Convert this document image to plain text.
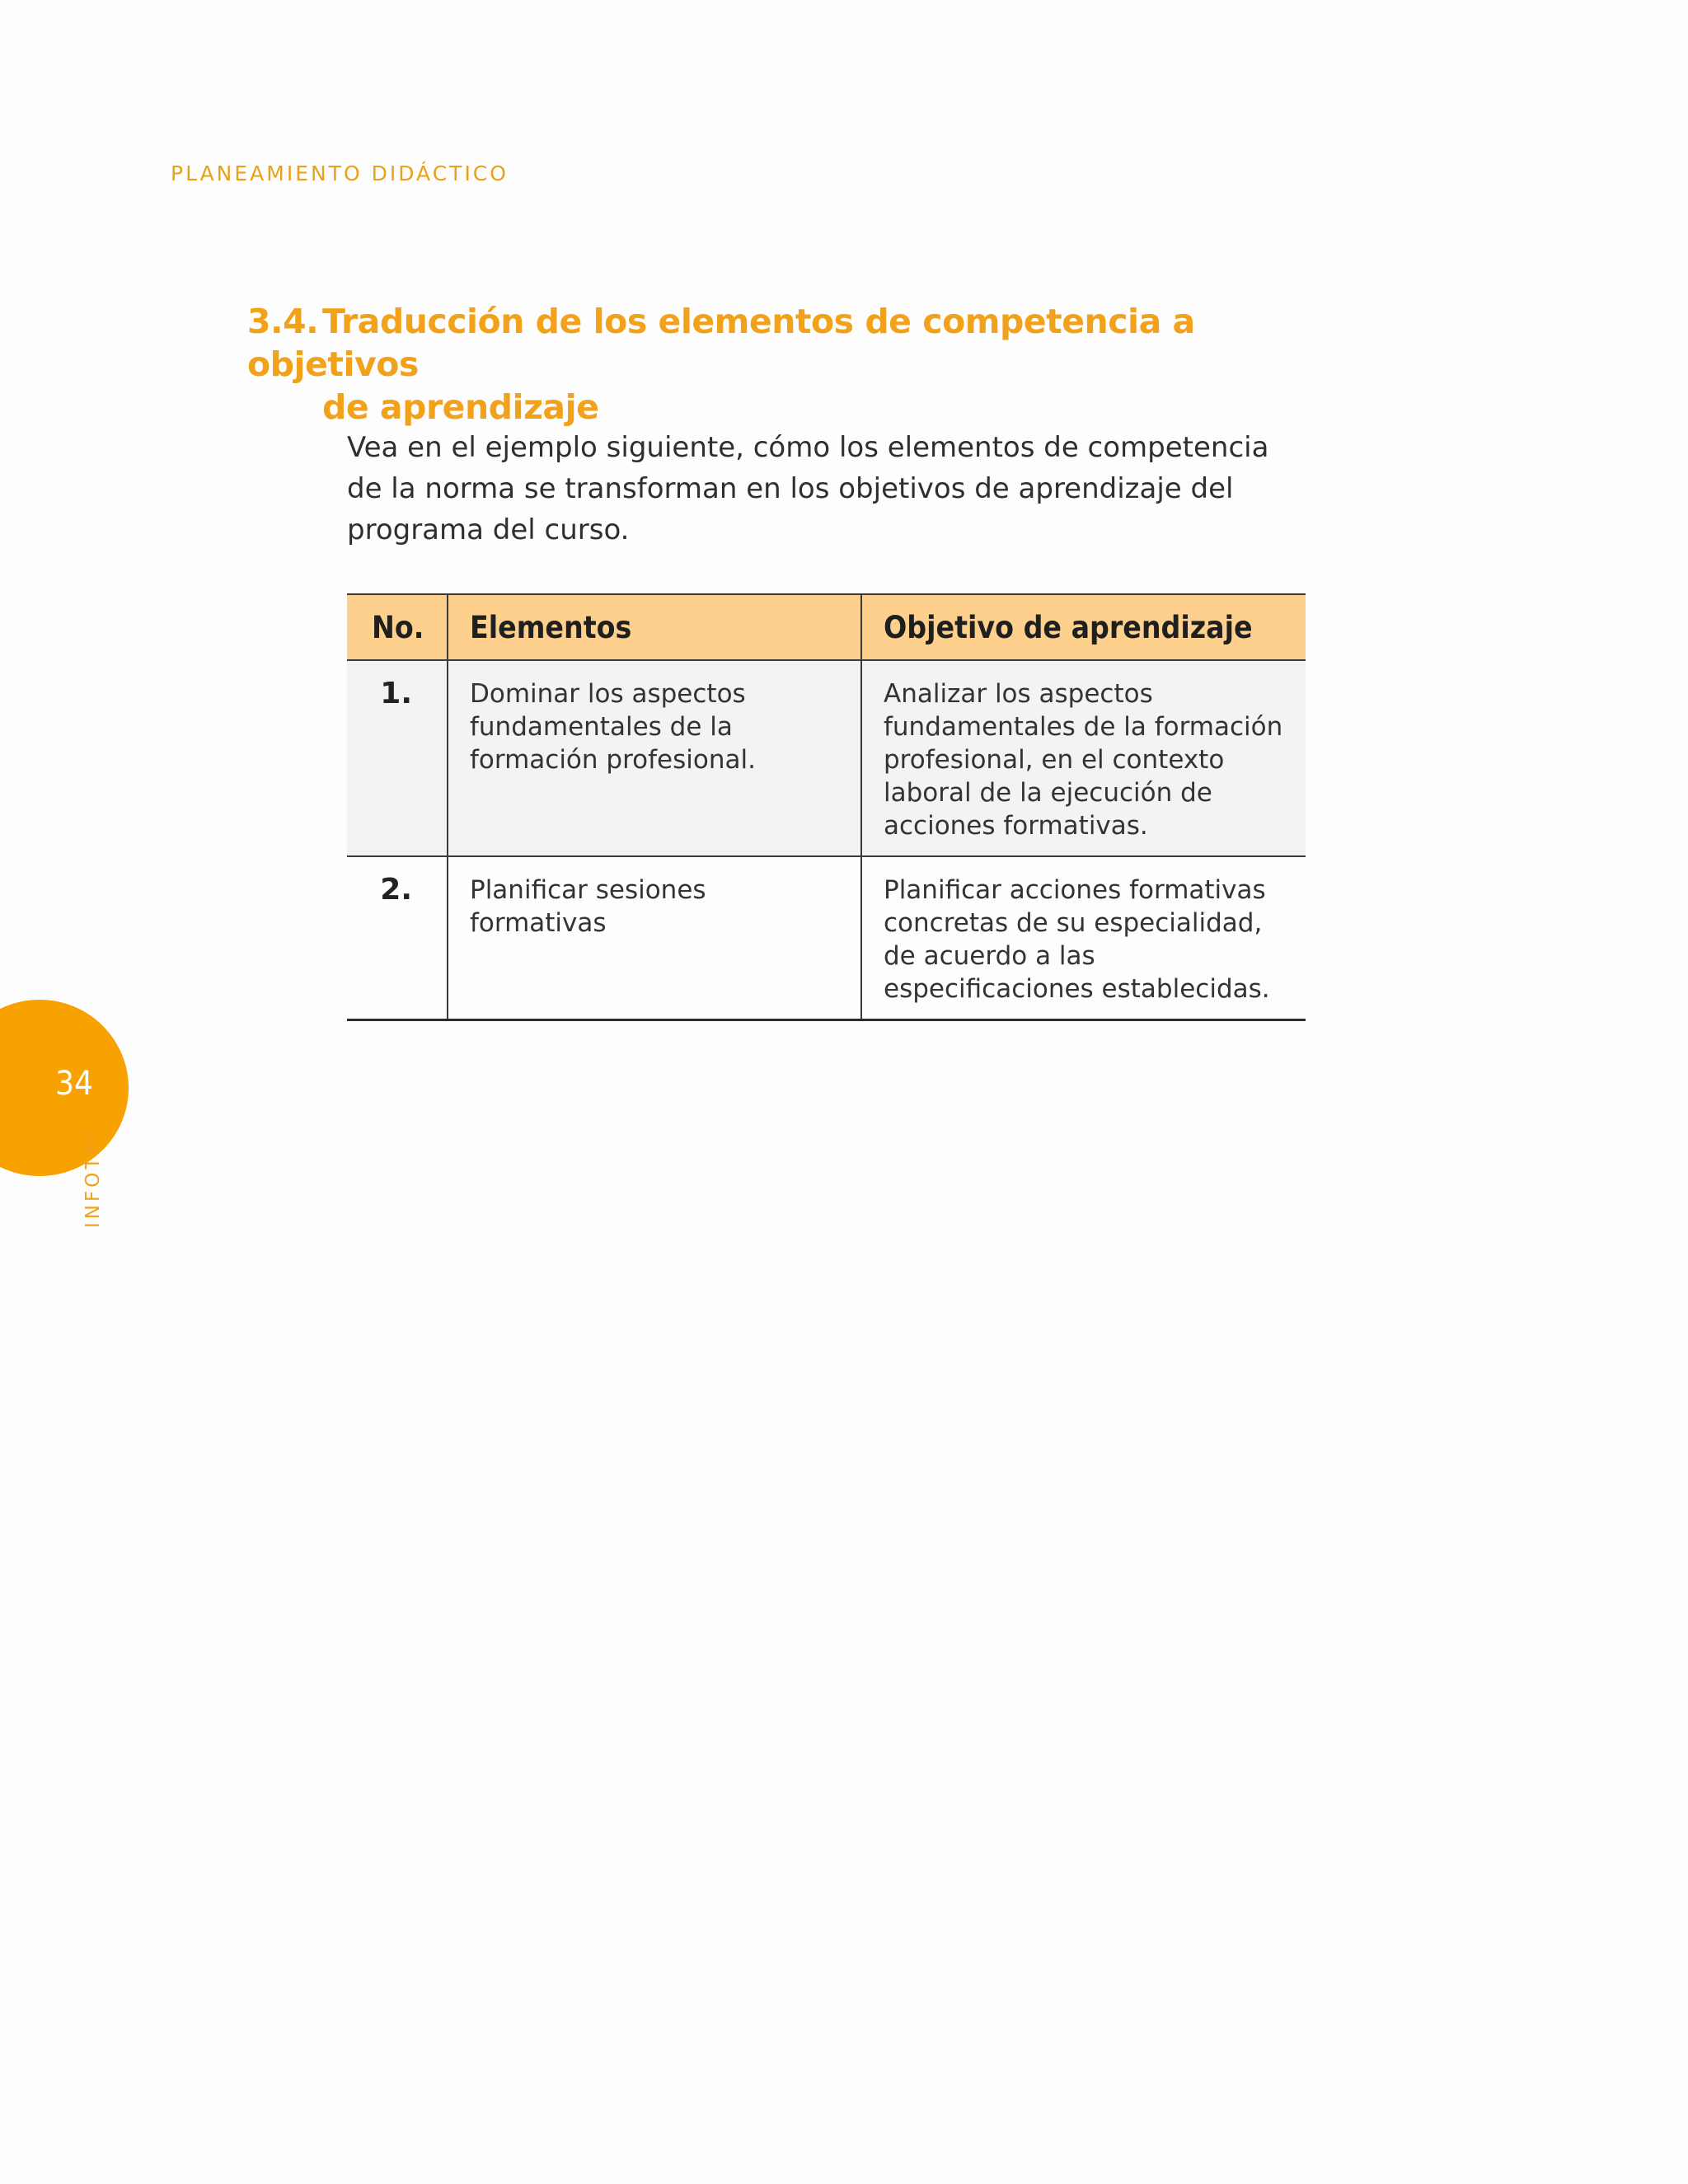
PLANEAMIENTO DIDÁCTICO
3.4. Traducción de los elementos de competencia a objetivos
de aprendizaje

Vea en el ejemplo siguiente, cómo los elementos de competencia de la norma se transforman en los objetivos de aprendizaje del programa del curso.

No.	Elementos	Objetivo de aprendizaje
1.	Dominar los aspectos fundamentales de la formación profesional.	Analizar los aspectos fundamentales de la formación profesional, en el contexto laboral de la ejecución de acciones formativas.
2.	Planificar sesiones formativas	Planificar acciones formativas concretas de su especialidad, de acuerdo a las especificaciones establecidas.
34
INFOTEP
